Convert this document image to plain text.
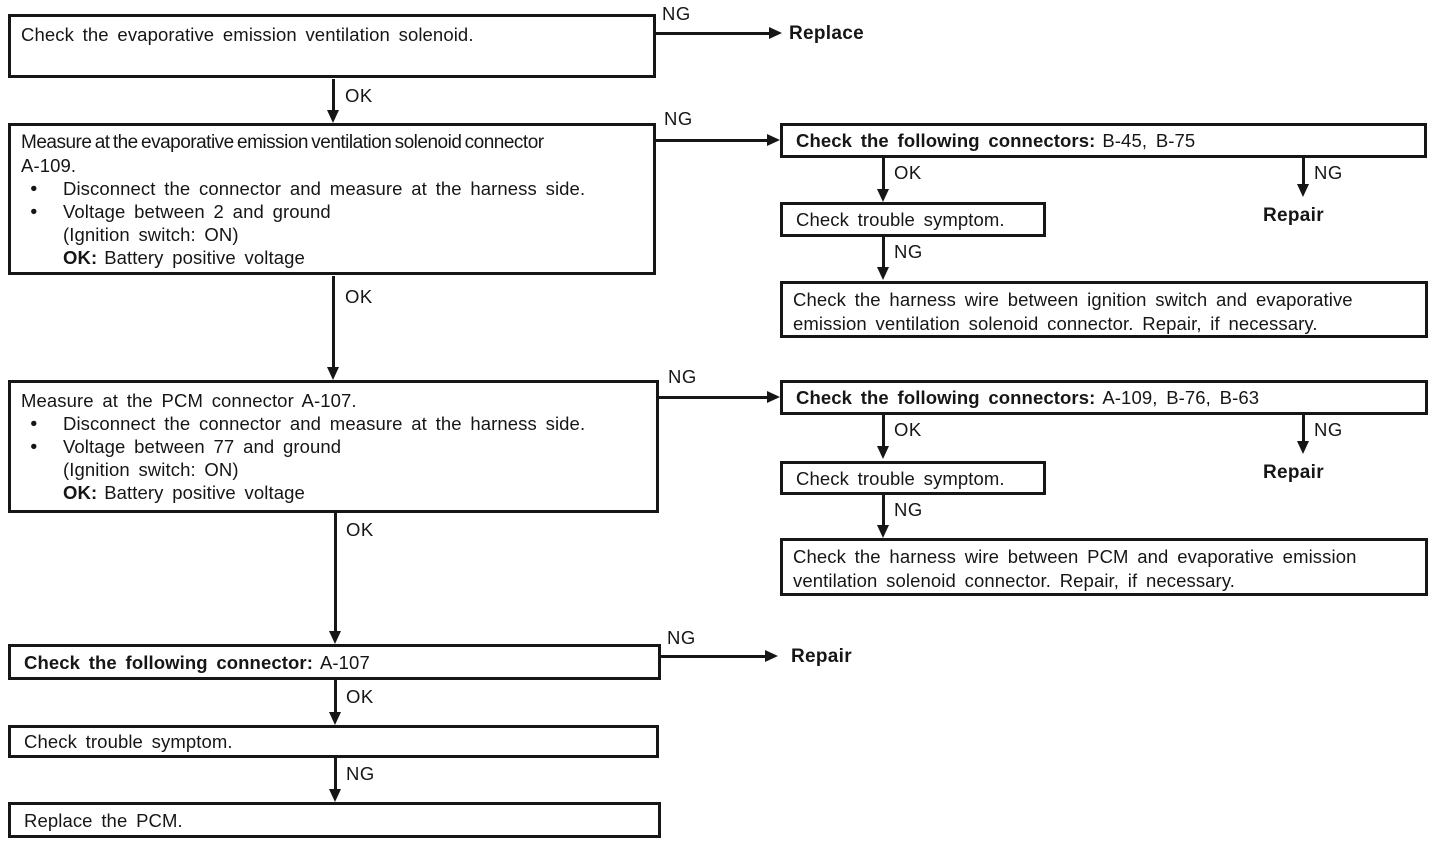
Check the evaporative emission ventilation solenoid.
NG
Replace
OK
Measure at the evaporative emission ventilation solenoid connector
A-109.
●	Disconnect the connector and measure at the harness side.
●	Voltage between 2 and ground
(Ignition switch: ON)
OK: Battery positive voltage
NG
Check the following connectors: B-45, B-75
OK	NG
Repair
Check trouble symptom.
NG
Check the harness wire between ignition switch and evaporative emission ventilation solenoid connector. Repair, if necessary.
OK
Measure at the PCM connector A-107.
●	Disconnect the connector and measure at the harness side.
●	Voltage between 77 and ground
(Ignition switch: ON)
OK: Battery positive voltage
NG
Check the following connectors: A-109, B-76, B-63
OK	NG
Repair
Check trouble symptom.
NG
Check the harness wire between PCM and evaporative emission ventilation solenoid connector. Repair, if necessary.
OK
Check the following connector: A-107
NG
Repair
OK
Check trouble symptom.
NG
Replace the PCM.
